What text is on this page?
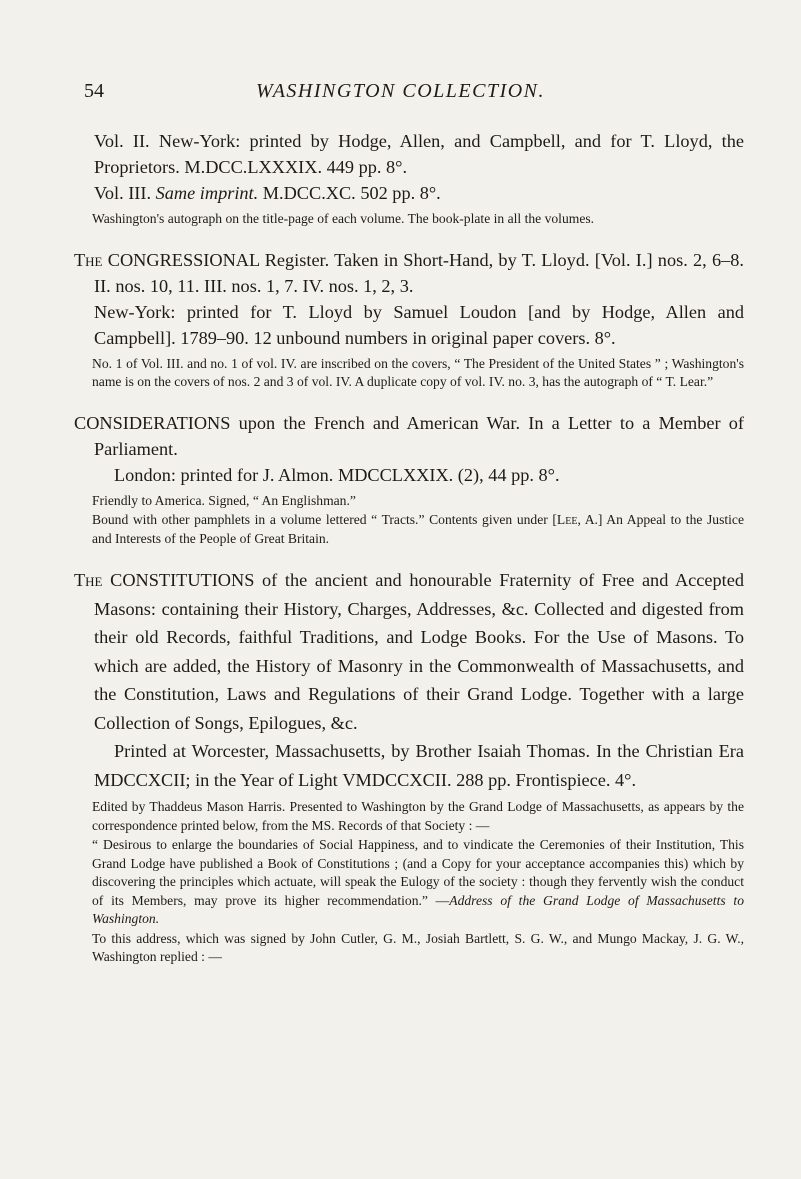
54	WASHINGTON COLLECTION.
Vol. II. New-York: printed by Hodge, Allen, and Campbell, and for T. Lloyd, the Proprietors. M.DCC.LXXXIX. 449 pp. 8°.
Vol. III. Same imprint. M.DCC.XC. 502 pp. 8°.
Washington's autograph on the title-page of each volume. The book-plate in all the volumes.
The CONGRESSIONAL Register. Taken in Short-Hand, by T. Lloyd. [Vol. I.] nos. 2, 6–8. II. nos. 10, 11. III. nos. 1, 7. IV. nos. 1, 2, 3.
New-York: printed for T. Lloyd by Samuel Loudon [and by Hodge, Allen and Campbell]. 1789–90. 12 unbound numbers in original paper covers. 8°.
No. 1 of Vol. III. and no. 1 of vol. IV. are inscribed on the covers, “ The President of the United States ” ; Washington's name is on the covers of nos. 2 and 3 of vol. IV. A duplicate copy of vol. IV. no. 3, has the autograph of “ T. Lear.”
CONSIDERATIONS upon the French and American War. In a Letter to a Member of Parliament.
London: printed for J. Almon. MDCCLXXIX. (2), 44 pp. 8°.
Friendly to America. Signed, “ An Englishman.”
Bound with other pamphlets in a volume lettered “ Tracts.” Contents given under [Lee, A.] An Appeal to the Justice and Interests of the People of Great Britain.
The CONSTITUTIONS of the ancient and honourable Fraternity of Free and Accepted Masons: containing their History, Charges, Addresses, &c. Collected and digested from their old Records, faithful Traditions, and Lodge Books. For the Use of Masons. To which are added, the History of Masonry in the Commonwealth of Massachusetts, and the Constitution, Laws and Regulations of their Grand Lodge. Together with a large Collection of Songs, Epilogues, &c.
Printed at Worcester, Massachusetts, by Brother Isaiah Thomas. In the Christian Era MDCCXCII; in the Year of Light VMDCCXCII. 288 pp. Frontispiece. 4°.
Edited by Thaddeus Mason Harris. Presented to Washington by the Grand Lodge of Massachusetts, as appears by the correspondence printed below, from the MS. Records of that Society : —
“ Desirous to enlarge the boundaries of Social Happiness, and to vindicate the Ceremonies of their Institution, This Grand Lodge have published a Book of Constitutions ; (and a Copy for your acceptance accompanies this) which by discovering the principles which actuate, will speak the Eulogy of the society : though they fervently wish the conduct of its Members, may prove its higher recommendation.” —Address of the Grand Lodge of Massachusetts to Washington.
To this address, which was signed by John Cutler, G. M., Josiah Bartlett, S. G. W., and Mungo Mackay, J. G. W., Washington replied : —
